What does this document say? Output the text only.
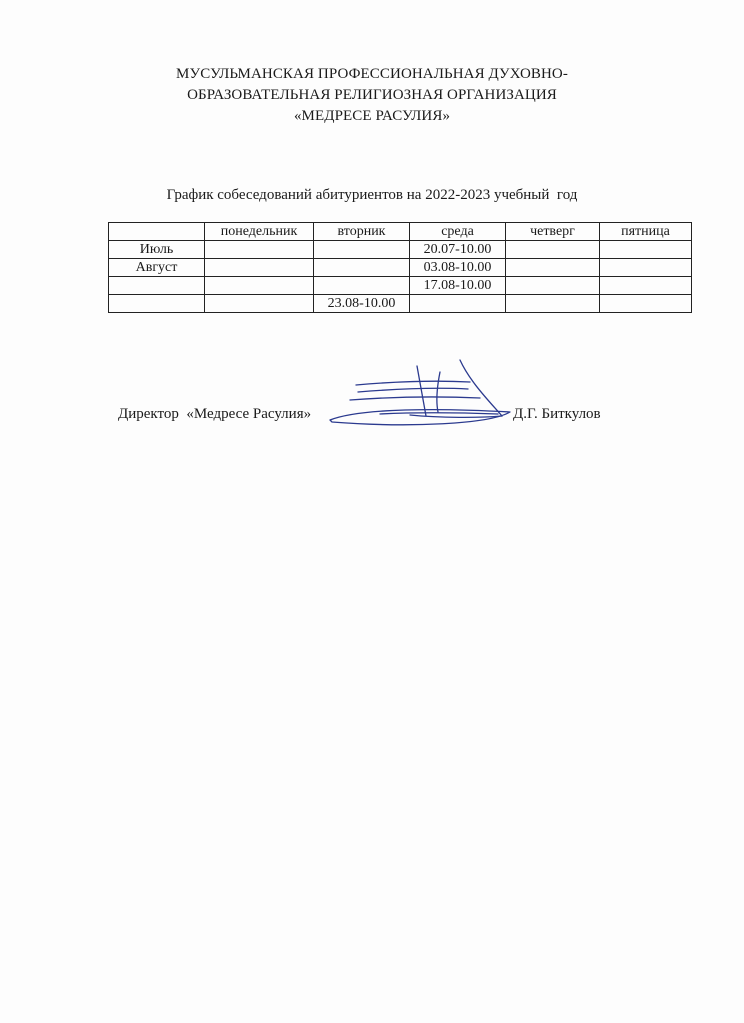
МУСУЛЬМАНСКАЯ ПРОФЕССИОНАЛЬНАЯ ДУХОВНО-
ОБРАЗОВАТЕЛЬНАЯ РЕЛИГИОЗНАЯ ОРГАНИЗАЦИЯ
«МЕДРЕСЕ РАСУЛИЯ»
График собеседований абитуриентов на 2022-2023 учебный  год
	понедельник	вторник	среда	четверг	пятница
Июль			20.07-10.00		
Август			03.08-10.00		
			17.08-10.00		
		23.08-10.00			
Директор  «Медресе Расулия»	Д.Г. Биткулов
